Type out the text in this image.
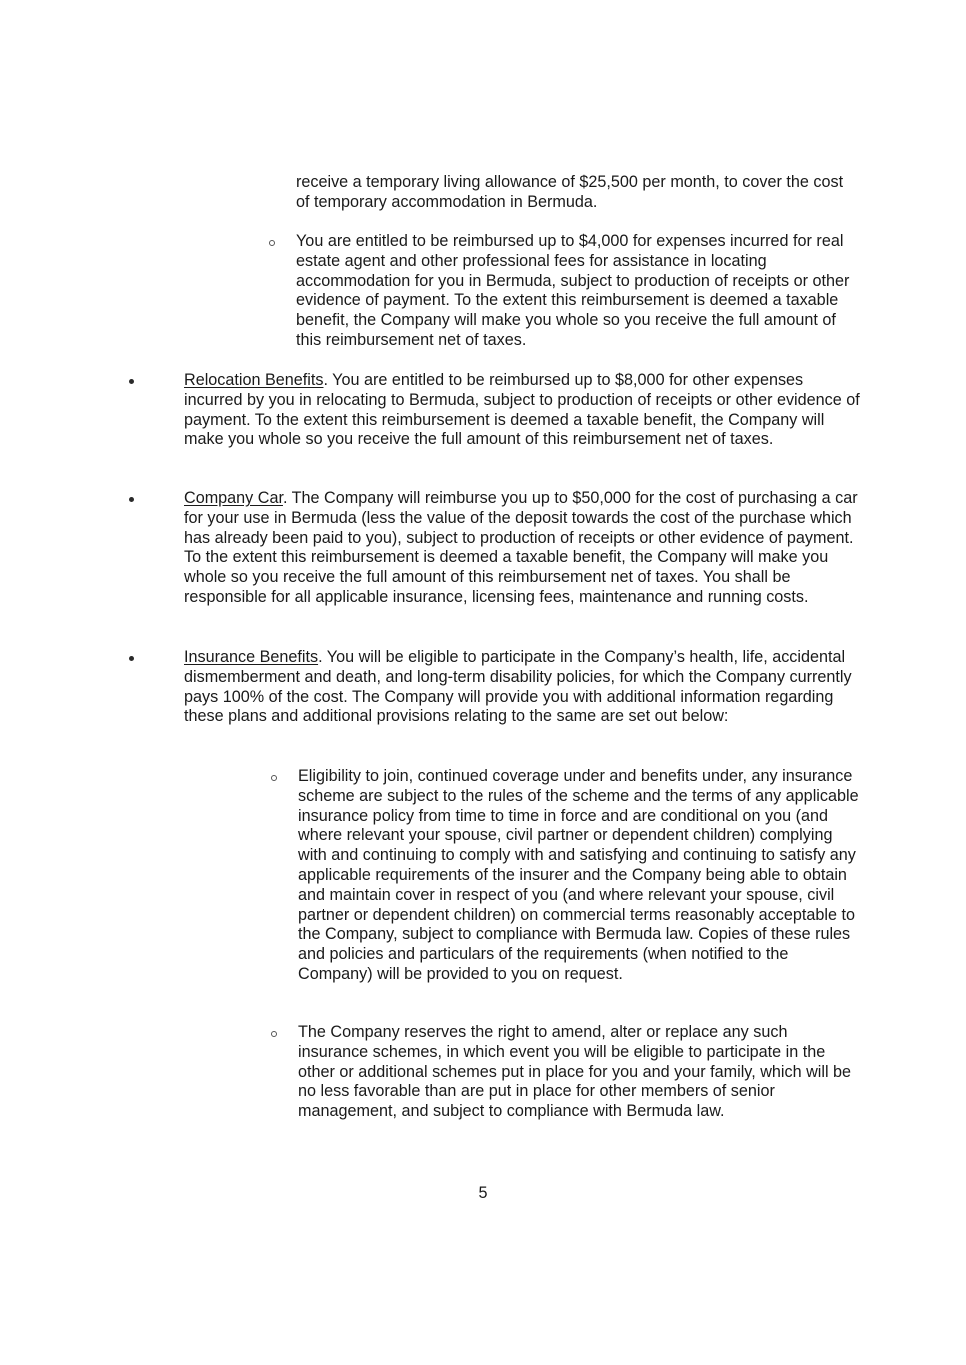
receive a temporary living allowance of $25,500 per month, to cover the cost of temporary accommodation in Bermuda.

You are entitled to be reimbursed up to $4,000 for expenses incurred for real estate agent and other professional fees for assistance in locating accommodation for you in Bermuda, subject to production of receipts or other evidence of payment. To the extent this reimbursement is deemed a taxable benefit, the Company will make you whole so you receive the full amount of this reimbursement net of taxes.

Relocation Benefits. You are entitled to be reimbursed up to $8,000 for other expenses incurred by you in relocating to Bermuda, subject to production of receipts or other evidence of payment. To the extent this reimbursement is deemed a taxable benefit, the Company will make you whole so you receive the full amount of this reimbursement net of taxes.

Company Car. The Company will reimburse you up to $50,000 for the cost of purchasing a car for your use in Bermuda (less the value of the deposit towards the cost of the purchase which has already been paid to you), subject to production of receipts or other evidence of payment. To the extent this reimbursement is deemed a taxable benefit, the Company will make you whole so you receive the full amount of this reimbursement net of taxes. You shall be responsible for all applicable insurance, licensing fees, maintenance and running costs.

Insurance Benefits. You will be eligible to participate in the Company’s health, life, accidental dismemberment and death, and long-term disability policies, for which the Company currently pays 100% of the cost. The Company will provide you with additional information regarding these plans and additional provisions relating to the same are set out below:

Eligibility to join, continued coverage under and benefits under, any insurance scheme are subject to the rules of the scheme and the terms of any applicable insurance policy from time to time in force and are conditional on you (and where relevant your spouse, civil partner or dependent children) complying with and continuing to comply with and satisfying and continuing to satisfy any applicable requirements of the insurer and the Company being able to obtain and maintain cover in respect of you (and where relevant your spouse, civil partner or dependent children) on commercial terms reasonably acceptable to the Company, subject to compliance with Bermuda law. Copies of these rules and policies and particulars of the requirements (when notified to the Company) will be provided to you on request.

The Company reserves the right to amend, alter or replace any such insurance schemes, in which event you will be eligible to participate in the other or additional schemes put in place for you and your family, which will be no less favorable than are put in place for other members of senior management, and subject to compliance with Bermuda law.

5
